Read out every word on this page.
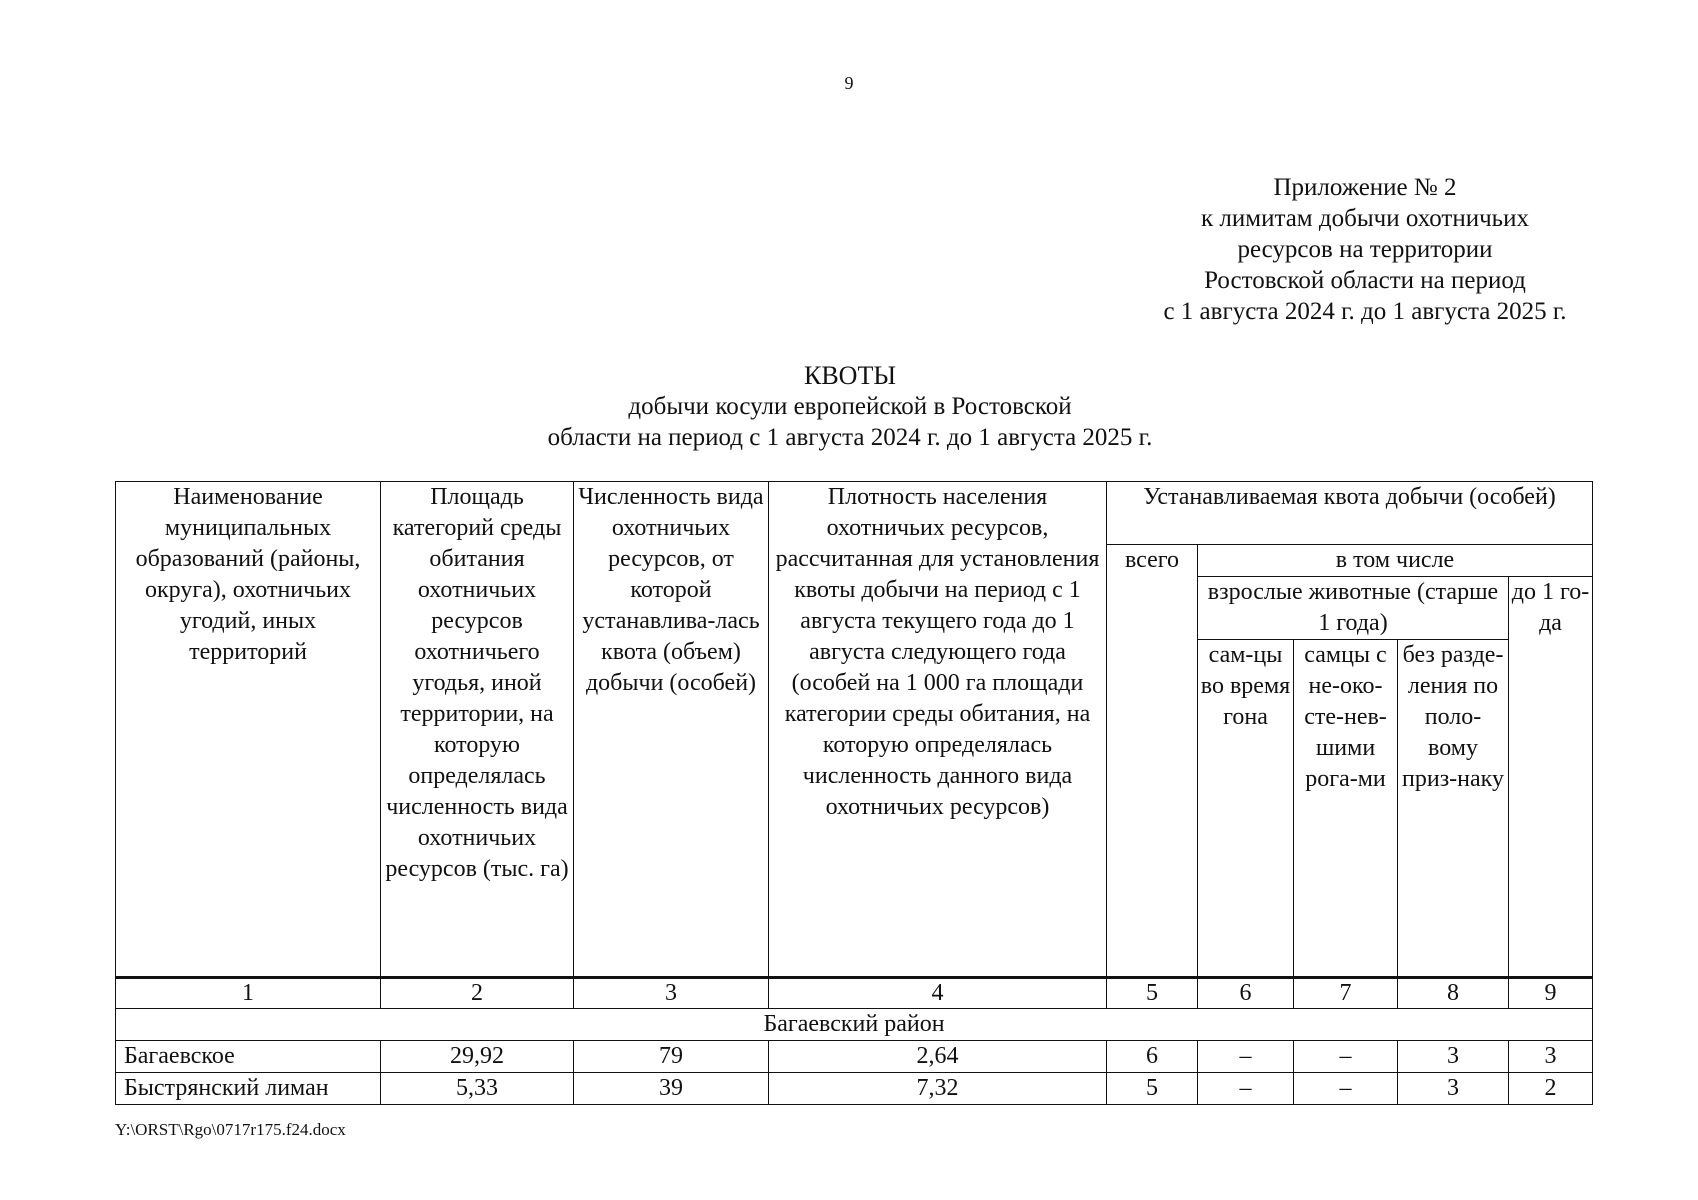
9
Приложение № 2
к лимитам добычи охотничьих
ресурсов на территории
Ростовской области на период
с 1 августа 2024 г. до 1 августа 2025 г.
КВОТЫ
добычи косули европейской в Ростовской
области на период с 1 августа 2024 г. до 1 августа 2025 г.
Наименование муниципальных образований (районы, округа), охотничьих угодий, иных территорий	Площадь категорий среды обитания охотничьих ресурсов охотничьего угодья, иной территории, на которую определялась численность вида охотничьих ресурсов (тыс. га)	Численность вида охотничьих ресурсов, от которой устанавлива-лась квота (объем) добычи (особей)	Плотность населения охотничьих ресурсов, рассчитанная для установления квоты добычи на период с 1 августа текущего года до 1 августа следующего года (особей на 1 000 га площади категории среды обитания, на которую определялась численность данного вида охотничьих ресурсов)	Устанавливаемая квота добычи (особей)				
				всего	в том числе			
					взрослые животные (старше 1 года)			до 1 го-да
					сам-цы во время гона	самцы с не-око-сте-нев-шими рога-ми	без разде-ления по поло-вому приз-наку	
1	2	3	4	5	6	7	8	9
Багаевский район								
Багаевское	29,92	79	2,64	6	–	–	3	3
Быстрянский лиман	5,33	39	7,32	5	–	–	3	2
Y:\ORST\Rgo\0717r175.f24.docx
